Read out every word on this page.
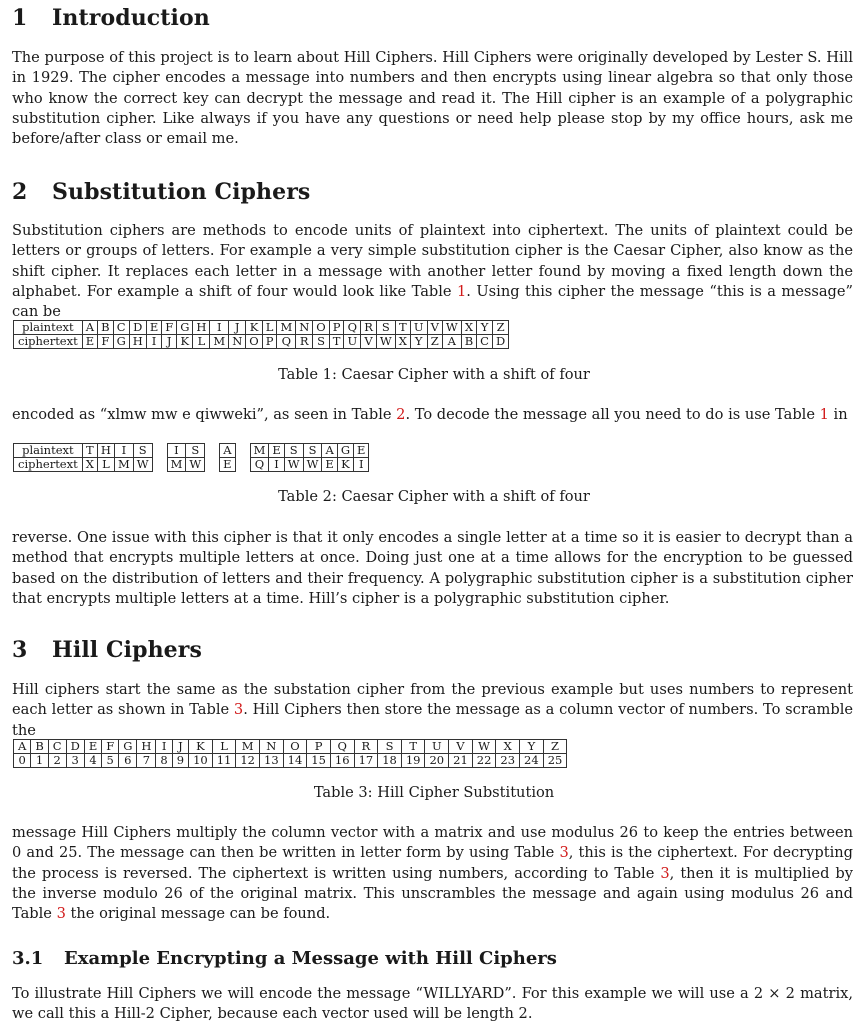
1 Introduction

The purpose of this project is to learn about Hill Ciphers. Hill Ciphers were originally developed by Lester S. Hill in 1929. The cipher encodes a message into numbers and then encrypts using linear algebra so that only those who know the correct key can decrypt the message and read it. The Hill cipher is an example of a polygraphic substitution cipher. Like always if you have any questions or need help please stop by my office hours, ask me before/after class or email me.

2 Substitution Ciphers

Substitution ciphers are methods to encode units of plaintext into ciphertext. The units of plaintext could be letters or groups of letters. For example a very simple substitution cipher is the Caesar Cipher, also know as the shift cipher. It replaces each letter in a message with another letter found by moving a fixed length down the alphabet. For example a shift of four would look like Table 1. Using this cipher the message “this is a message” can be

plaintext	A	B	C	D	E	F	G	H	I	J	K	L	M	N	O	P	Q	R	S	T	U	V	W	X	Y	Z
ciphertext	E	F	G	H	I	J	K	L	M	N	O	P	Q	R	S	T	U	V	W	X	Y	Z	A	B	C	D
Table 1: Caesar Cipher with a shift of four

encoded as “xlmw mw e qiwweki”, as seen in Table 2. To decode the message all you need to do is use Table 1 in

plaintext	T	H	I	S		I	S		A		M	E	S	S	A	G	E
ciphertext	X	L	M	W		M	W		E		Q	I	W	W	E	K	I
Table 2: Caesar Cipher with a shift of four

reverse. One issue with this cipher is that it only encodes a single letter at a time so it is easier to decrypt than a method that encrypts multiple letters at once. Doing just one at a time allows for the encryption to be guessed based on the distribution of letters and their frequency. A polygraphic substitution cipher is a substitution cipher that encrypts multiple letters at a time. Hill’s cipher is a polygraphic substitution cipher.

3 Hill Ciphers

Hill ciphers start the same as the substation cipher from the previous example but uses numbers to represent each letter as shown in Table 3. Hill Ciphers then store the message as a column vector of numbers. To scramble the

A	B	C	D	E	F	G	H	I	J	K	L	M	N	O	P	Q	R	S	T	U	V	W	X	Y	Z
0	1	2	3	4	5	6	7	8	9	10	11	12	13	14	15	16	17	18	19	20	21	22	23	24	25
Table 3: Hill Cipher Substitution

message Hill Ciphers multiply the column vector with a matrix and use modulus 26 to keep the entries between 0 and 25. The message can then be written in letter form by using Table 3, this is the ciphertext. For decrypting the process is reversed. The ciphertext is written using numbers, according to Table 3, then it is multiplied by the inverse modulo 26 of the original matrix. This unscrambles the message and again using modulus 26 and Table 3 the original message can be found.

3.1 Example Encrypting a Message with Hill Ciphers

To illustrate Hill Ciphers we will encode the message “WILLYARD”. For this example we will use a 2 × 2 matrix, we call this a Hill-2 Cipher, because each vector used will be length 2.
